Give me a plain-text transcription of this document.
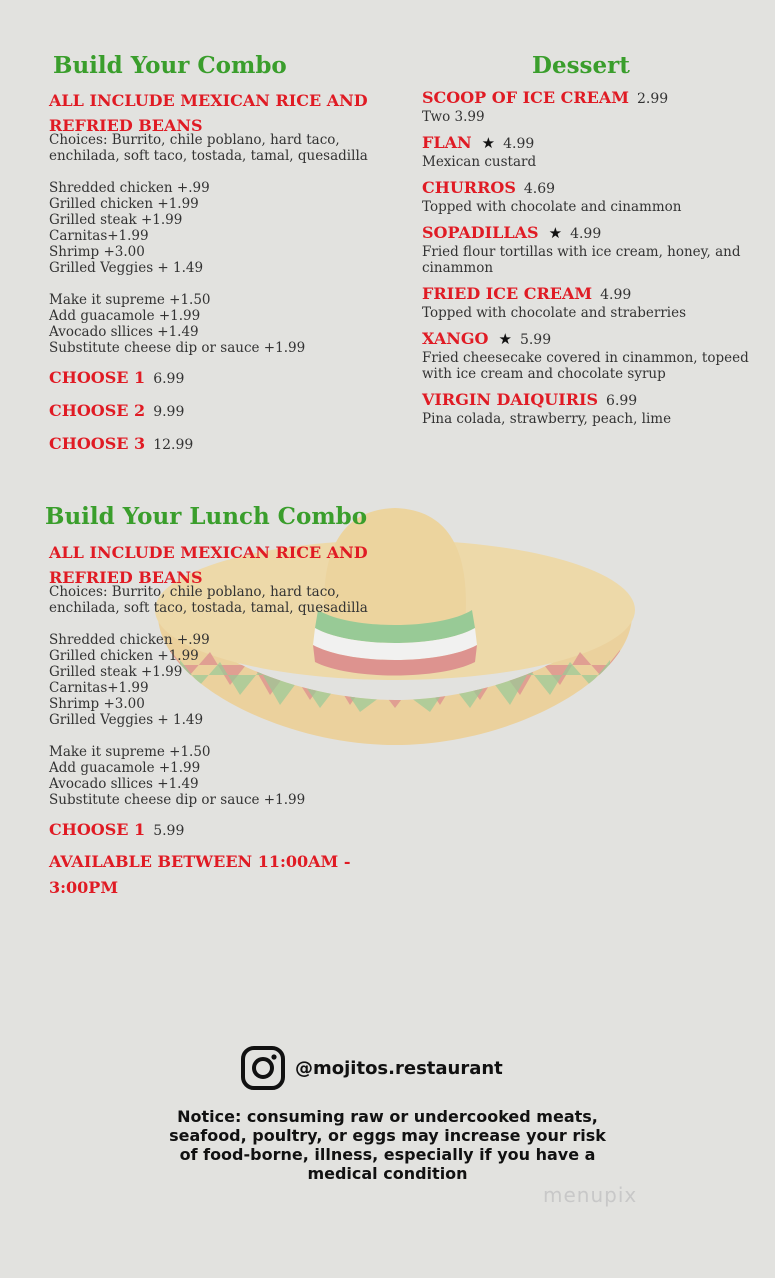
Build Your Combo
ALL INCLUDE MEXICAN RICE AND
REFRIED BEANS
Choices: Burrito, chile poblano, hard taco,
enchilada, soft taco, tostada, tamal, quesadilla
Shredded chicken +.99
Grilled chicken +1.99
Grilled steak +1.99
Carnitas+1.99
Shrimp +3.00
Grilled Veggies + 1.49
Make it supreme +1.50
Add guacamole +1.99
Avocado sllices +1.49
Substitute cheese dip or sauce +1.99
CHOOSE 1 6.99
CHOOSE 2 9.99
CHOOSE 3 12.99
Dessert
SCOOP OF ICE CREAM 2.99
Two 3.99
FLAN ★ 4.99
Mexican custard
CHURROS 4.69
Topped with chocolate and cinammon
SOPADILLAS ★ 4.99
Fried flour tortillas with ice cream, honey, and cinammon
FRIED ICE CREAM 4.99
Topped with chocolate and straberries
XANGO ★ 5.99
Fried cheesecake covered in cinammon, topeed with ice cream and chocolate syrup
VIRGIN DAIQUIRIS 6.99
Pina colada, strawberry, peach, lime
Build Your Lunch Combo
ALL INCLUDE MEXICAN RICE AND
REFRIED BEANS
Choices: Burrito, chile poblano, hard taco,
enchilada, soft taco, tostada, tamal, quesadilla
Shredded chicken +.99
Grilled chicken +1.99
Grilled steak +1.99
Carnitas+1.99
Shrimp +3.00
Grilled Veggies + 1.49
Make it supreme +1.50
Add guacamole +1.99
Avocado sllices +1.49
Substitute cheese dip or sauce +1.99
CHOOSE 1 5.99
AVAILABLE BETWEEN 11:00AM -
3:00PM
@mojitos.restaurant
Notice: consuming raw or undercooked meats,
seafood, poultry, or eggs may increase your risk
of food-borne, illness, especially if you have a
medical condition
menupix
